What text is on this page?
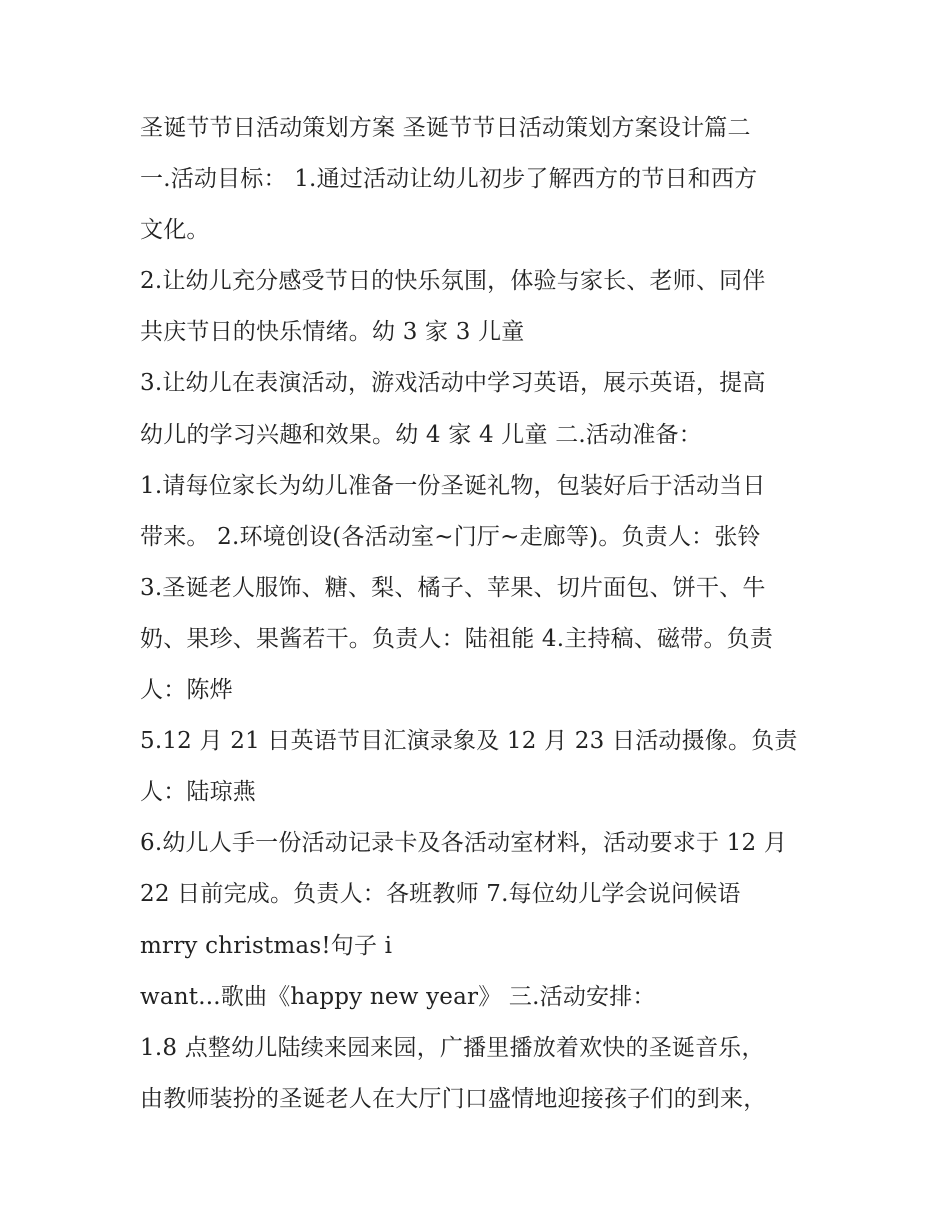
圣诞节节日活动策划方案 圣诞节节日活动策划方案设计篇二
一.活动目标： 1.通过活动让幼儿初步了解西方的节日和西方
文化。
2.让幼儿充分感受节日的快乐氛围，体验与家长、老师、同伴
共庆节日的快乐情绪。幼 3 家 3 儿童
3.让幼儿在表演活动，游戏活动中学习英语，展示英语，提高
幼儿的学习兴趣和效果。幼 4 家 4 儿童 二.活动准备：
1.请每位家长为幼儿准备一份圣诞礼物，包装好后于活动当日
带来。 2.环境创设(各活动室~门厅~走廊等)。负责人：张铃
3.圣诞老人服饰、糖、梨、橘子、苹果、切片面包、饼干、牛
奶、果珍、果酱若干。负责人：陆祖能 4.主持稿、磁带。负责
人：陈烨
5.12 月 21 日英语节目汇演录象及 12 月 23 日活动摄像。负责
人：陆琼燕
6.幼儿人手一份活动记录卡及各活动室材料，活动要求于 12 月
22 日前完成。负责人：各班教师 7.每位幼儿学会说问候语
mrry christmas!句子 i
want...歌曲《happy new year》 三.活动安排：
1.8 点整幼儿陆续来园来园，广播里播放着欢快的圣诞音乐，
由教师装扮的圣诞老人在大厅门口盛情地迎接孩子们的到来，
